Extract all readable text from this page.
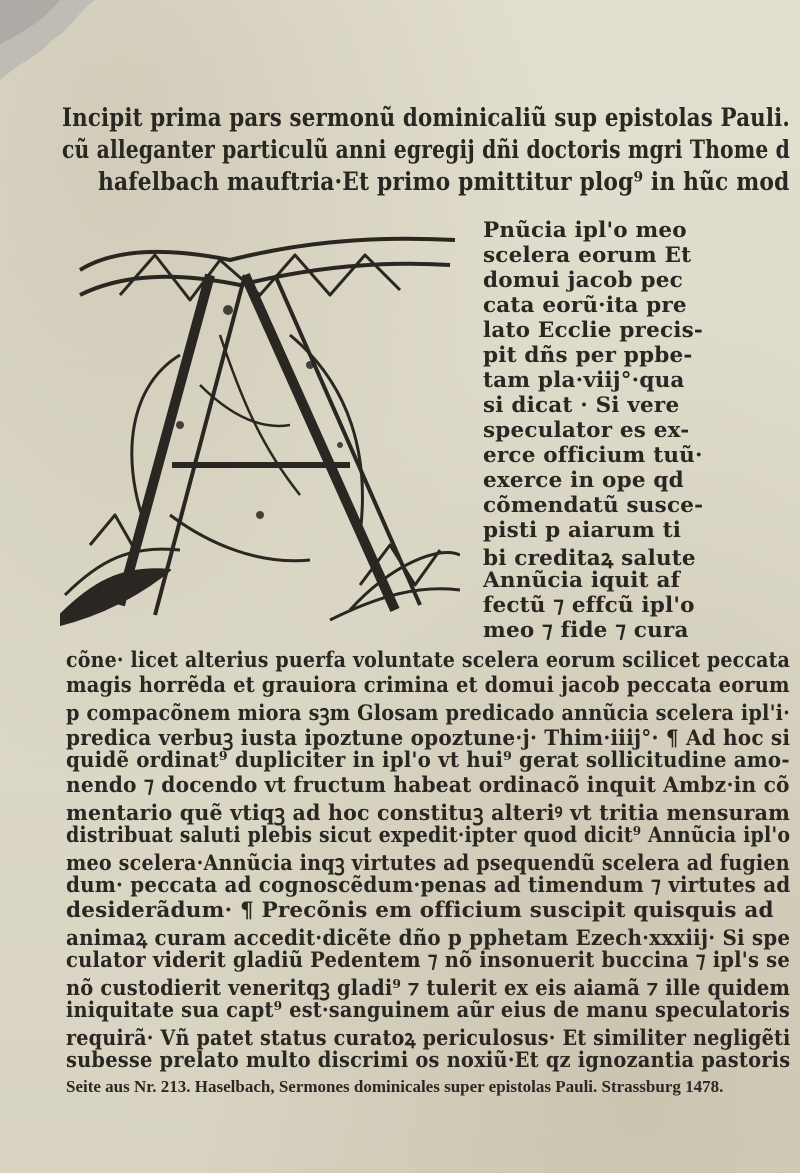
Incipit prima pars sermonũ dominicaliũ sup epistolas Pauli.
cũ alleganter particulũ anni egregij dñi doctoris mgri Thome d
hafelbach mauftria·Et primo pmittitur plog⁹ in hũc mod
Pnũcia ipl'o meo
scelera eorum Et
domui jacob pec
cata eorũ·ita pre
lato Ecclie precis-
pit dñs per ppbe-
tam pla·viij°·qua
si dicat · Si vere
speculator es ex-
erce officium tuũ·
exerce in ope qd
cõmendatũ susce-
pisti p aiarum ti
bi creditaꝝ salute
Annũcia iquit af
fectũ ⁊ effcũ ipl'o
meo ⁊ fide ⁊ cura
cõne· licet alterius puerfa voluntate scelera eorum scilicet peccata
magis horrẽda et grauiora crimina et domui jacob peccata eorum
p compacõnem miora sꝫm Glosam predicado annũcia scelera ipl'i·
predica verbuꝫ iusta ipoztune opoztune·j· Thim·iiij°· ¶ Ad hoc si
quidẽ ordinat⁹ dupliciter in ipl'o vt hui⁹ gerat sollicitudine amo-
nendo ⁊ docendo vt fructum habeat ordinacõ inquit Ambz·in cõ
mentario quẽ vtiqꝫ ad hoc constituꝫ alteriꝰ vt tritia mensuram
distribuat saluti plebis sicut expedit·ipter quod dicit⁹ Annũcia ipl'o
meo scelera·Annũcia inqꝫ virtutes ad psequendũ scelera ad fugien
dum· peccata ad cognoscẽdum·penas ad timendum ⁊ virtutes ad
desiderãdum· ¶ Precõnis em officium suscipit quisquis ad
animaꝝ curam accedit·dicẽte dño p pphetam Ezech·xxxiij· Si spe
culator viderit gladiũ Pedentem ⁊ nõ insonuerit buccina ⁊ ipl's se
nõ custodierit veneritqꝫ gladi⁹ ⁊ tulerit ex eis aiamã ⁊ ille quidem
iniquitate sua capt⁹ est·sanguinem aũr eius de manu speculatoris
requirã· Vñ patet status curatoꝝ periculosus· Et similiter negligẽti
subesse prelato multo discrimi os noxiũ·Et qz ignozantia pastoris
Seite aus Nr. 213. Haselbach, Sermones dominicales super epistolas Pauli. Strassburg 1478.
